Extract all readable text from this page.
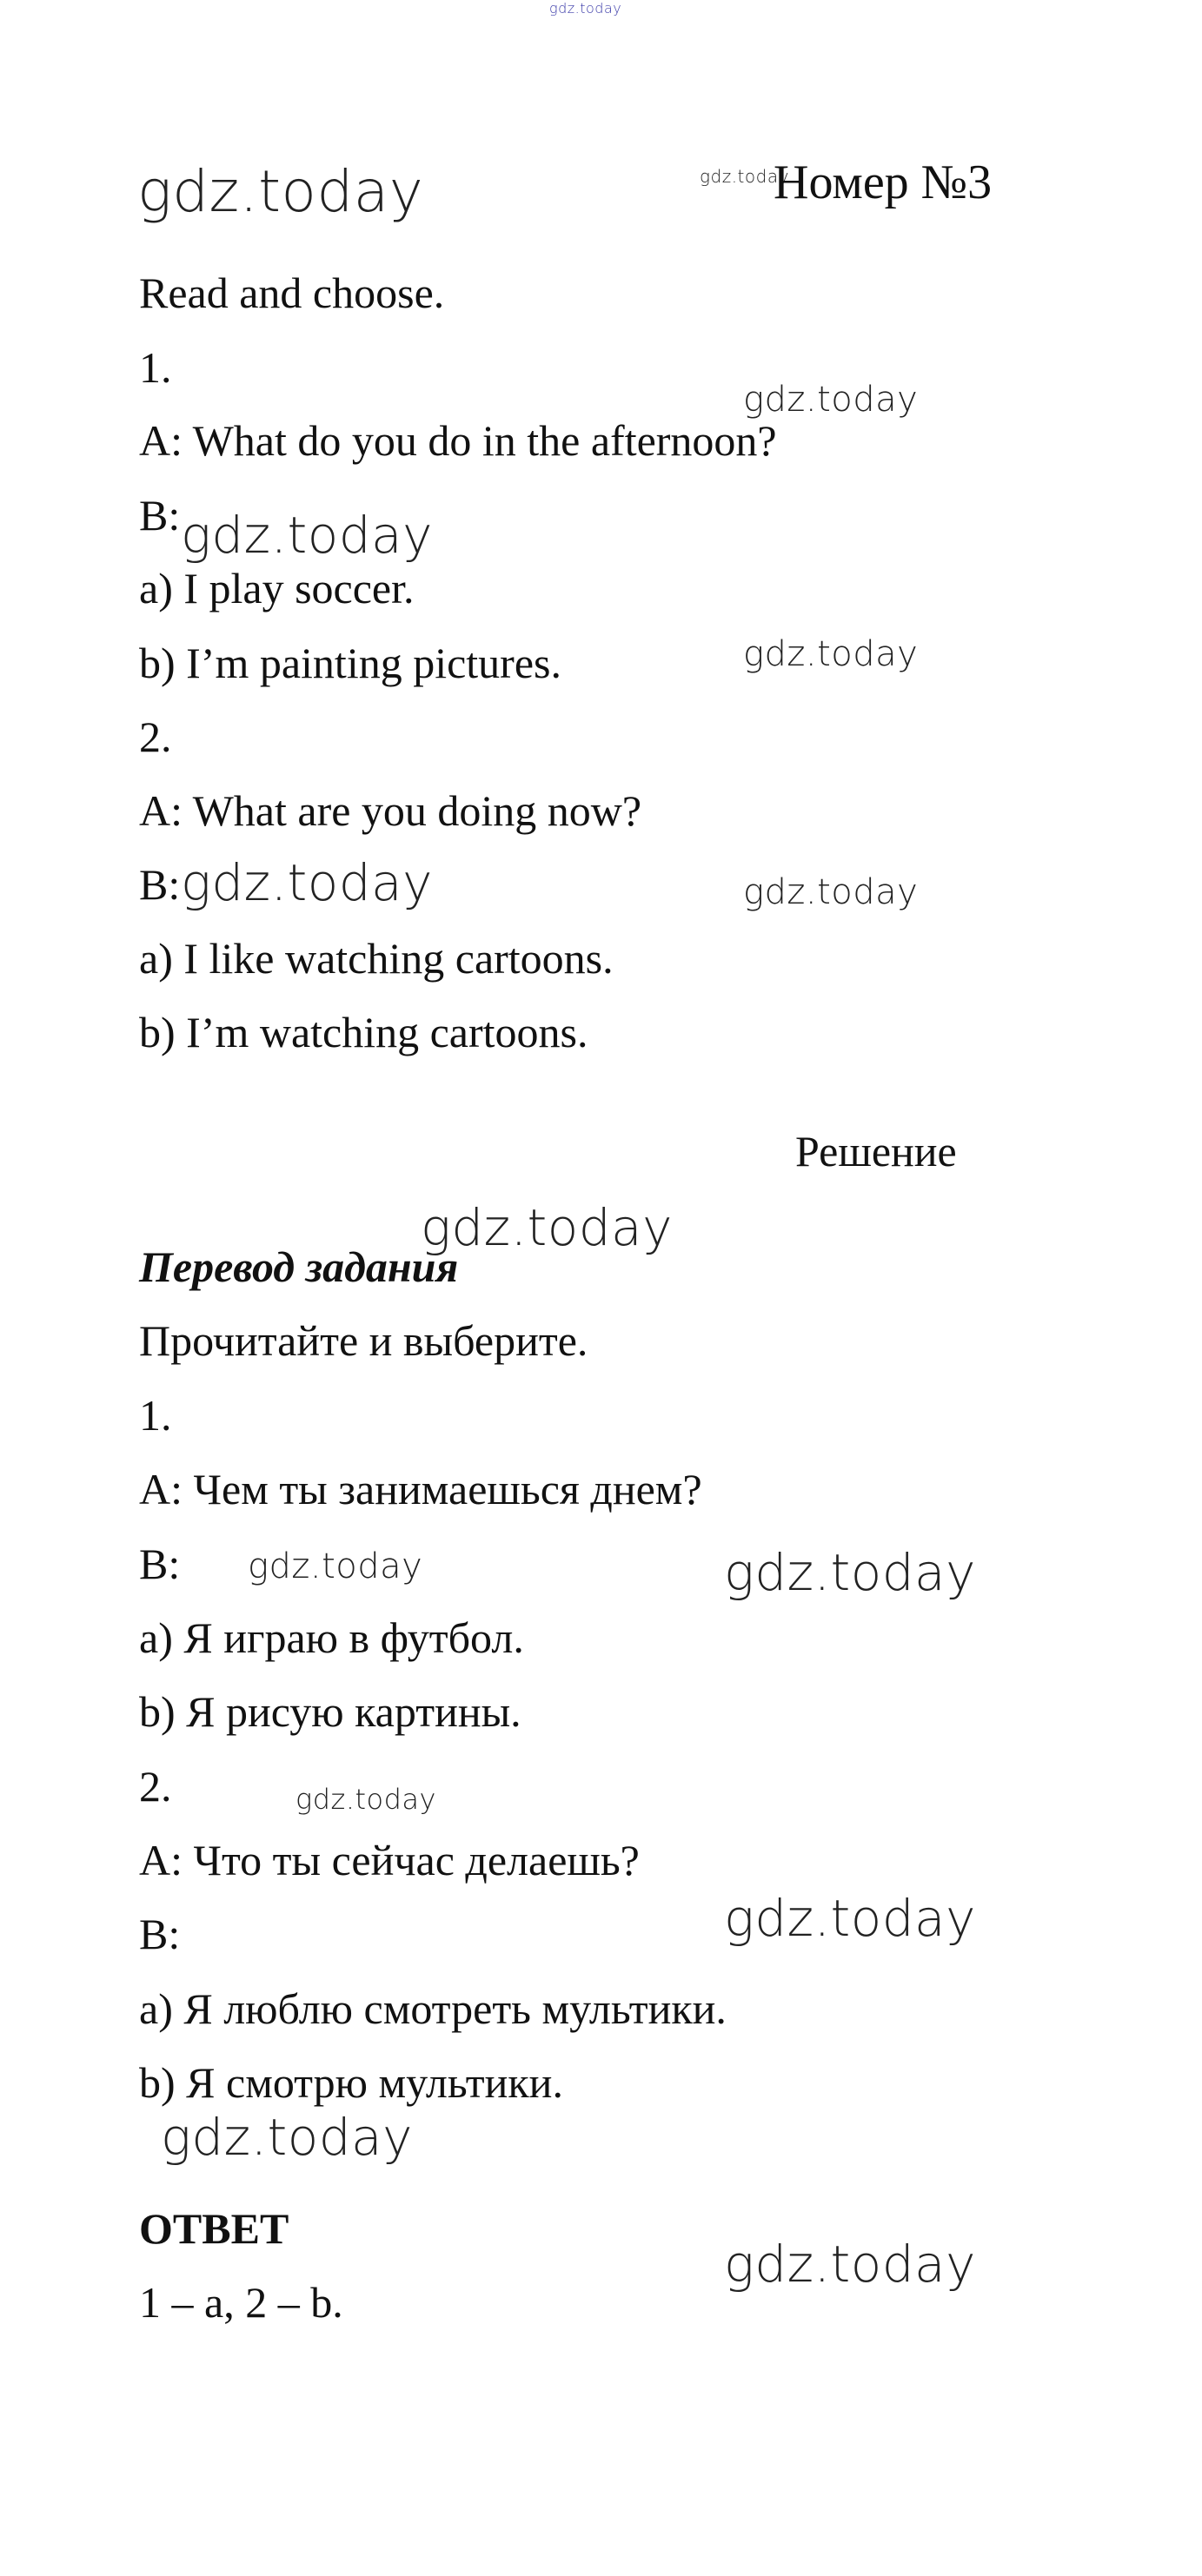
gdz.today
gdz.today	gdz.today
gdz.today
gdz.today
gdz.today
gdz.today	gdz.today
gdz.today
gdz.today	gdz.today
gdz.today
gdz.today
gdz.today
gdz.today
Номер №3
Read and choose.
1.
A: What do you do in the afternoon?
B:
a) I play soccer.
b) I’m painting pictures.
2.
A: What are you doing now?
B:
a) I like watching cartoons.
b) I’m watching cartoons.
Решение
Перевод задания
Прочитайте и выберите.
1.
A: Чем ты занимаешься днем?
B:
a) Я играю в футбол.
b) Я рисую картины.
2.
A: Что ты сейчас делаешь?
B:
a) Я люблю смотреть мультики.
b) Я смотрю мультики.
ОТВЕТ
1 – a, 2 – b.
